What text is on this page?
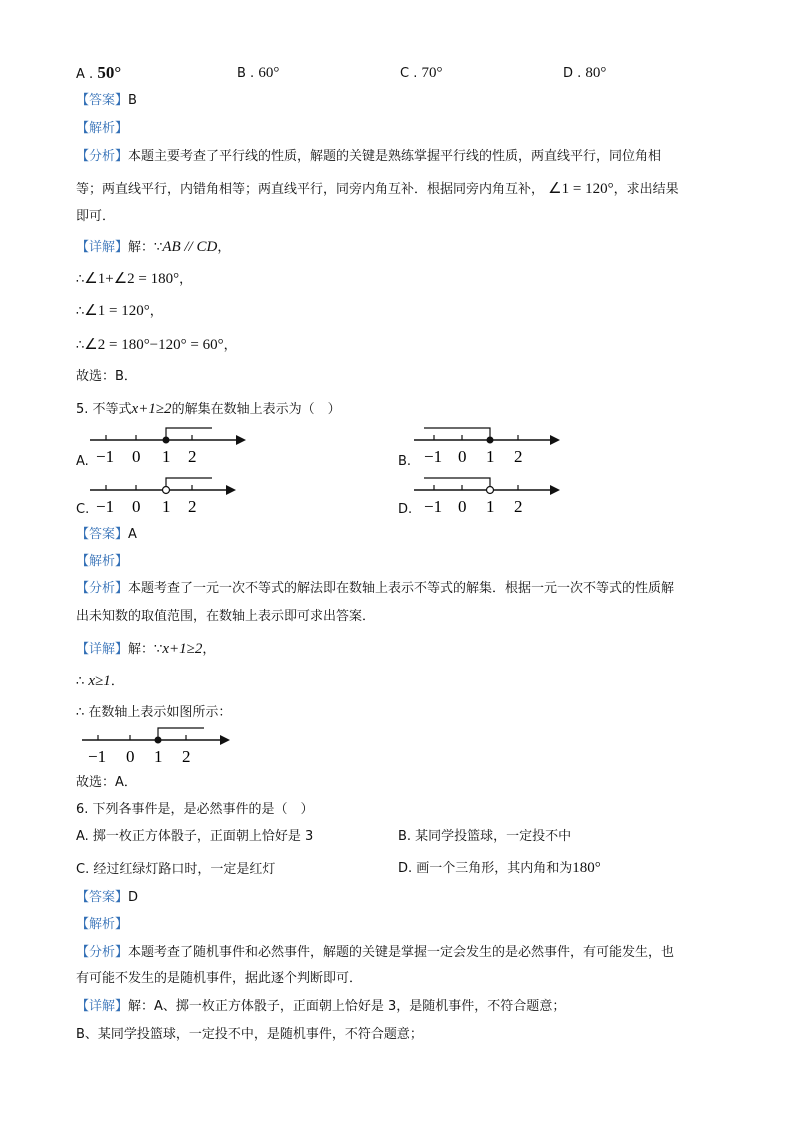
A . 50°	B . 60°	C . 70°	D . 80°
【答案】B
【解析】
【分析】本题主要考查了平行线的性质，解题的关键是熟练掌握平行线的性质，两直线平行，同位角相
等；两直线平行，内错角相等；两直线平行，同旁内角互补．根据同旁内角互补， ∠1 = 120°，求出结果
即可．
【详解】解：∵AB // CD，
∴∠1+∠2 = 180°，
∴∠1 = 120°，
∴∠2 = 180°−120° = 60°，
故选：B．
5. 不等式x+1≥2的解集在数轴上表示为（　）
A. −1 0 1 2	B. −1 0 1 2
C. −1 0 1 2	D. −1 0 1 2
【答案】A
【解析】
【分析】本题考查了一元一次不等式的解法即在数轴上表示不等式的解集．根据一元一次不等式的性质解
出未知数的取值范围，在数轴上表示即可求出答案．
【详解】解：∵x+1≥2，
∴ x≥1．
∴ 在数轴上表示如图所示：
−1 0 1 2
故选：A．
6. 下列各事件是，是必然事件的是（　）
A. 掷一枚正方体骰子，正面朝上恰好是 3	B. 某同学投篮球，一定投不中
C. 经过红绿灯路口时，一定是红灯	D. 画一个三角形，其内角和为180°
【答案】D
【解析】
【分析】本题考查了随机事件和必然事件，解题的关键是掌握一定会发生的是必然事件，有可能发生，也
有可能不发生的是随机事件，据此逐个判断即可．
【详解】解：A、掷一枚正方体骰子，正面朝上恰好是 3，是随机事件，不符合题意；
B、某同学投篮球，一定投不中，是随机事件，不符合题意；
